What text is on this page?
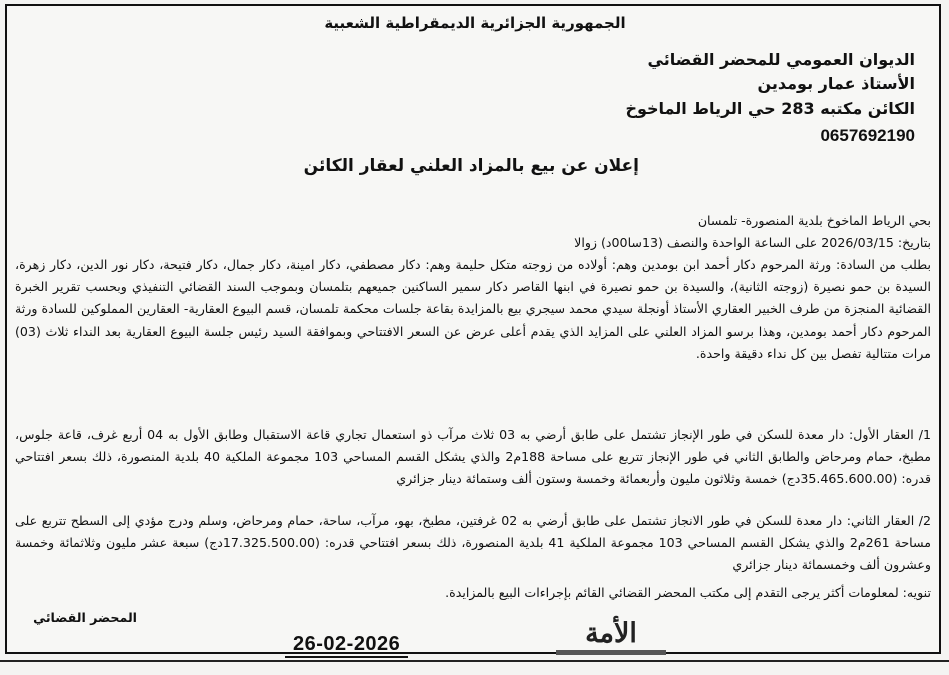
الجمهورية الجزائرية الديمقراطية الشعبية
الديوان العمومي للمحضر القضائي
الأستاذ عمار بومدين
الكائن مكتبه 283 حي الرياط الماخوخ
0657692190
إعلان عن بيع بالمزاد العلني لعقار الكائن
بحي الرياط الماخوخ بلدية المنصورة- تلمسان
بتاريخ: 2026/03/15 على الساعة الواحدة والنصف (13سا00د) زوالا
بطلب من السادة: ورثة المرحوم دكار أحمد ابن بومدين وهم: أولاده من زوجته متكل حليمة وهم: دكار مصطفي، دكار امينة، دكار جمال، دكار فتيحة، دكار نور الدين، دكار زهرة، السيدة بن حمو نصيرة (زوجته الثانية)، والسيدة بن حمو نصيرة في ابنها القاصر دكار سمير الساكنين جميعهم بتلمسان وبموجب السند القضائي التنفيذي وبحسب تقرير الخبرة القضائية المنجزة من طرف الخبير العقاري الأستاذ أونجلة سيدي محمد سيجري بيع بالمزايدة بقاعة جلسات محكمة تلمسان، قسم البيوع العقارية- العقارين المملوكين للسادة ورثة المرحوم دكار أحمد بومدين، وهذا برسو المزاد العلني على المزايد الذي يقدم أعلى عرض عن السعر الافتتاحي وبموافقة السيد رئيس جلسة البيوع العقارية بعد النداء ثلاث (03) مرات متتالية تفصل بين كل نداء دقيقة واحدة.
1/ العقار الأول: دار معدة للسكن في طور الإنجاز تشتمل على طابق أرضي به 03 ثلاث مرآب ذو استعمال تجاري قاعة الاستقبال وطابق الأول به 04 أربع غرف، قاعة جلوس، مطبخ، حمام ومرحاض والطابق الثاني في طور الإنجاز تتربع على مساحة 188م2 والذي يشكل القسم المساحي 103 مجموعة الملكية 40 بلدية المنصورة، ذلك بسعر افتتاحي قدره: (35.465.600.00دج) خمسة وثلاثون مليون وأربعمائة وخمسة وستون ألف وستمائة دينار جزائري
2/ العقار الثاني: دار معدة للسكن في طور الانجاز تشتمل على طابق أرضي به 02 غرفتين، مطبخ، بهو، مرآب، ساحة، حمام ومرحاض، وسلم ودرج مؤدي إلى السطح تتربع على مساحة 261م2 والذي يشكل القسم المساحي 103 مجموعة الملكية 41 بلدية المنصورة، ذلك بسعر افتتاحي قدره: (17.325.500.00دج) سبعة عشر مليون وثلاثمائة وخمسة وعشرون ألف وخمسمائة دينار جزائري
تنويه: لمعلومات أكثر يرجى التقدم إلى مكتب المحضر القضائي القائم بإجراءات البيع بالمزايدة.
المحضر القضائي
الأمة
26-02-2026
